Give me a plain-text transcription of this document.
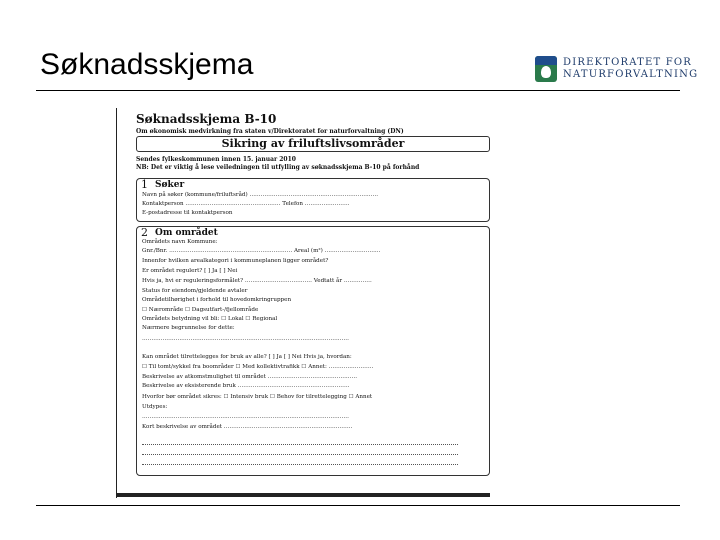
Søknadsskjema	DIREKTORATET FOR
NATURFORVALTNING
Søknadsskjema B-10
Om økonomisk medvirkning fra staten v/Direktoratet for naturforvaltning (DN)
Sikring av friluftslivsområder
Sendes fylkeskommunen innen 15. januar 2010
NB: Det er viktig å lese veiledningen til utfylling av søknadsskjema B-10 på forhånd
1 Søker
Navn på søker (kommune/friluftsråd) ……………………………………………………………
Kontaktperson …………………………………………… Telefon ……………………
E-postadresse til kontaktperson
2 Om området
Områdets navn Kommune:
Gnr./Bnr. ………………………………………………………… Areal (m²) …………………………
Innenfor hvilken arealkategori i kommuneplanen ligger området?
Er området regulert? [ ] Ja [ ] Nei
Hvis ja, hvi er reguleringsformålet? ……………………………… Vedtatt år ……………
Status for eiendom/gjeldende avtaler
Områdetilhørighet i forhold til hovedomkringruppen
☐ Nærområde ☐ Dagsutfart-/fjellområde
Områdets betydning vil bli: ☐ Lokal ☐ Regional
Nærmere begrunnelse for dette:
…………………………………………………………………………………………………
Kan området tilrettelegges for bruk av alle? [ ] Ja [ ] Nei Hvis ja, hvordan:
☐ Til tomt/sykkel fra boområder ☐ Med kollektivtrafikk ☐ Annet: ……………………
Beskrivelse av atkomstmulighet til området …………………………………………
Beskrivelse av eksisterende bruk ……………………………………………………
Hvorfor bør området sikres: ☐ Intensiv bruk ☐ Behov for tilrettelegging ☐ Annet
Utdypes:
…………………………………………………………………………………………………
Kort beskrivelse av området ……………………………………………………………
